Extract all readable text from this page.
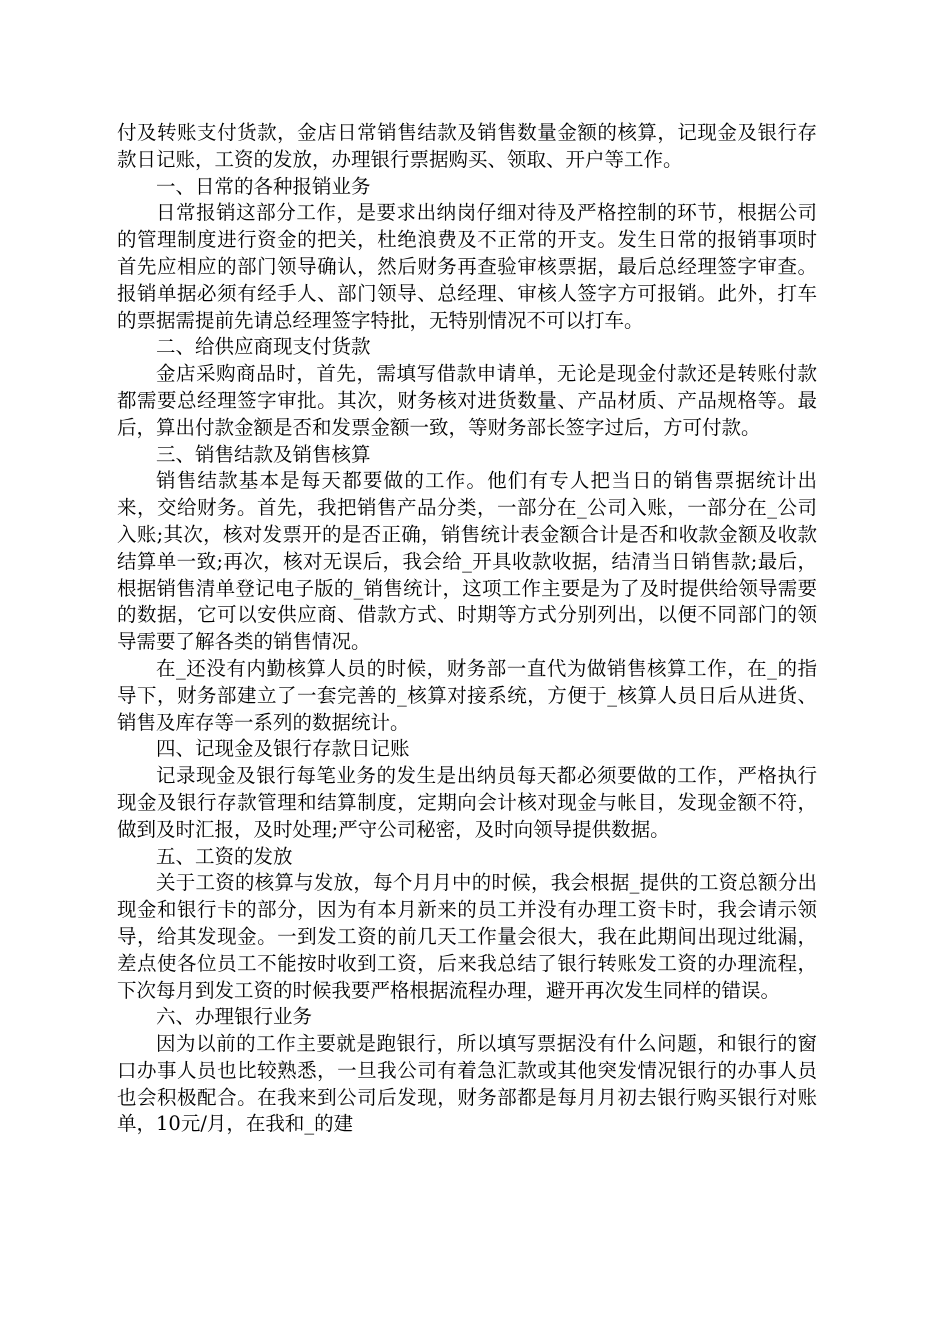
付及转账支付货款，金店日常销售结款及销售数量金额的核算，记现金及银行存款日记账，工资的发放，办理银行票据购买、领取、开户等工作。

一、日常的各种报销业务

日常报销这部分工作，是要求出纳岗仔细对待及严格控制的环节，根据公司的管理制度进行资金的把关，杜绝浪费及不正常的开支。发生日常的报销事项时首先应相应的部门领导确认，然后财务再查验审核票据，最后总经理签字审查。报销单据必须有经手人、部门领导、总经理、审核人签字方可报销。此外，打车的票据需提前先请总经理签字特批，无特别情况不可以打车。

二、给供应商现支付货款

金店采购商品时，首先，需填写借款申请单，无论是现金付款还是转账付款都需要总经理签字审批。其次，财务核对进货数量、产品材质、产品规格等。最后，算出付款金额是否和发票金额一致，等财务部长签字过后，方可付款。

三、销售结款及销售核算

销售结款基本是每天都要做的工作。他们有专人把当日的销售票据统计出来，交给财务。首先，我把销售产品分类，一部分在_公司入账，一部分在_公司入账;其次，核对发票开的是否正确，销售统计表金额合计是否和收款金额及收款结算单一致;再次，核对无误后，我会给_开具收款收据，结清当日销售款;最后，根据销售清单登记电子版的_销售统计，这项工作主要是为了及时提供给领导需要的数据，它可以安供应商、借款方式、时期等方式分别列出，以便不同部门的领导需要了解各类的销售情况。

在_还没有内勤核算人员的时候，财务部一直代为做销售核算工作，在_的指导下，财务部建立了一套完善的_核算对接系统，方便于_核算人员日后从进货、销售及库存等一系列的数据统计。

四、记现金及银行存款日记账

记录现金及银行每笔业务的发生是出纳员每天都必须要做的工作，严格执行现金及银行存款管理和结算制度，定期向会计核对现金与帐目，发现金额不符，做到及时汇报，及时处理;严守公司秘密，及时向领导提供数据。

五、工资的发放

关于工资的核算与发放，每个月月中的时候，我会根据_提供的工资总额分出现金和银行卡的部分，因为有本月新来的员工并没有办理工资卡时，我会请示领导，给其发现金。一到发工资的前几天工作量会很大，我在此期间出现过纰漏，差点使各位员工不能按时收到工资，后来我总结了银行转账发工资的办理流程，下次每月到发工资的时候我要严格根据流程办理，避开再次发生同样的错误。

六、办理银行业务

因为以前的工作主要就是跑银行，所以填写票据没有什么问题，和银行的窗口办事人员也比较熟悉，一旦我公司有着急汇款或其他突发情况银行的办事人员也会积极配合。在我来到公司后发现，财务部都是每月月初去银行购买银行对账单，10元/月，在我和_的建
